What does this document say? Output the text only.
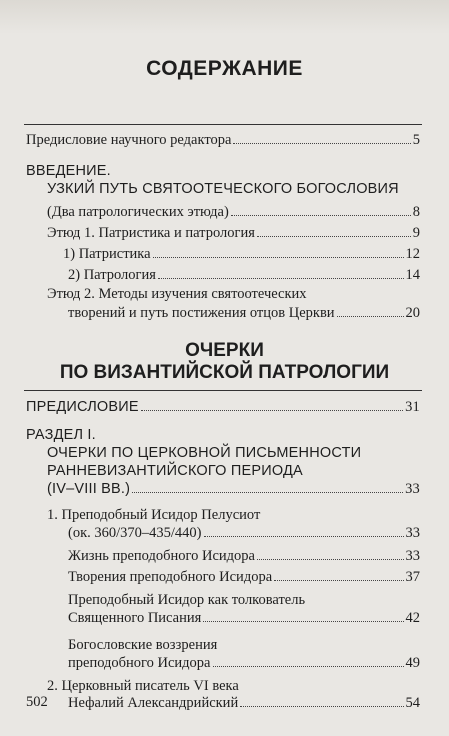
СОДЕРЖАНИЕ
Предисловие научного редактора	5
ВВЕДЕНИЕ.
УЗКИЙ ПУТЬ СВЯТООТЕЧЕСКОГО БОГОСЛОВИЯ
(Два патрологических этюда)	8
Этюд 1. Патристика и патрология	9
1) Патристика	12
2) Патрология	14
Этюд 2. Методы изучения святоотеческих
творений и путь постижения отцов Церкви	20
ОЧЕРКИ
ПО ВИЗАНТИЙСКОЙ ПАТРОЛОГИИ
ПРЕДИСЛОВИЕ	31
РАЗДЕЛ I.
ОЧЕРКИ ПО ЦЕРКОВНОЙ ПИСЬМЕННОСТИ
РАННЕВИЗАНТИЙСКОГО ПЕРИОДА
(IV–VIII ВВ.)	33
1. Преподобный Исидор Пелусиот
(ок. 360/370–435/440)	33
Жизнь преподобного Исидора	33
Творения преподобного Исидора	37
Преподобный Исидор как толкователь
Священного Писания	42
Богословские воззрения
преподобного Исидора	49
2. Церковный писатель VI века
Нефалий Александрийский	54
502
